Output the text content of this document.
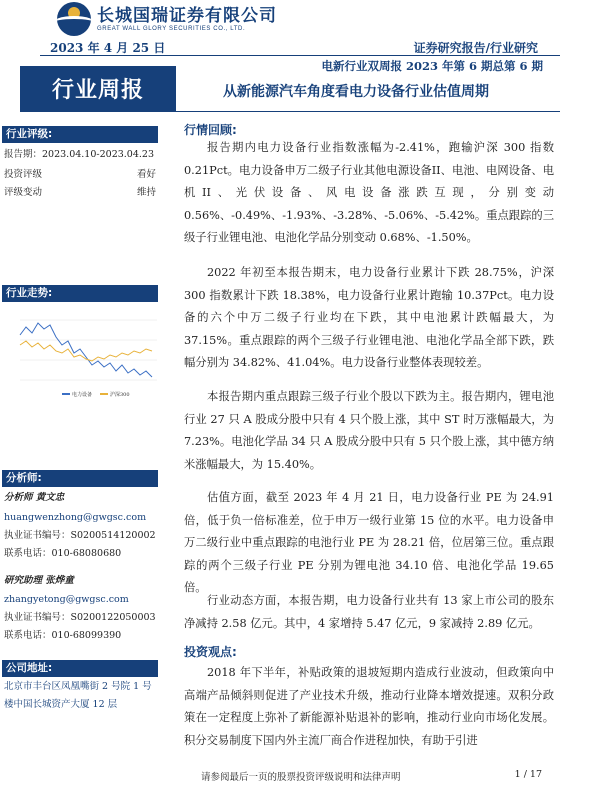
长城国瑞证券有限公司
GREAT WALL GLORY SECURITIES CO., LTD.
2023 年 4 月 25 日	证券研究报告/行业研究
电新行业双周报 2023 年第 6 期总第 6 期
行业周报	从新能源汽车角度看电力设备行业估值周期
行业评级:
报告期：2023.04.10-2023.04.23
投资评级	看好
评级变动	维持
行业走势:
电力设备	沪深300
分析师:
分析师 黄文忠
huangwenzhong@gwgsc.com
执业证书编号：S0200514120002
联系电话：010-68080680
研究助理 张烨童
zhangyetong@gwgsc.com
执业证书编号：S0200122050003
联系电话：010-68099390
公司地址:
北京市丰台区凤凰嘴街 2 号院 1 号楼中国长城资产大厦 12 层
行情回顾:
报告期内电力设备行业指数涨幅为-2.41%，跑输沪深 300 指数 0.21Pct。电力设备申万二级子行业其他电源设备II、电池、电网设备、电机II、光伏设备、风电设备涨跌互现，分别变动 0.56%、-0.49%、-1.93%、-3.28%、-5.06%、-5.42%。重点跟踪的三级子行业锂电池、电池化学品分别变动 0.68%、-1.50%。
2022 年初至本报告期末，电力设备行业累计下跌 28.75%，沪深 300 指数累计下跌 18.38%，电力设备行业累计跑输 10.37Pct。电力设备的六个中万二级子行业均在下跌，其中电池累计跌幅最大，为 37.15%。重点跟踪的两个三级子行业锂电池、电池化学品全部下跌，跌幅分别为 34.82%、41.04%。电力设备行业整体表现较差。
本报告期内重点跟踪三级子行业个股以下跌为主。报告期内，锂电池行业 27 只 A 股成分股中只有 4 只个股上涨，其中 ST 时万涨幅最大，为 7.23%。电池化学品 34 只 A 股成分股中只有 5 只个股上涨，其中德方纳米涨幅最大，为 15.40%。
估值方面，截至 2023 年 4 月 21 日，电力设备行业 PE 为 24.91 倍，低于负一倍标准差，位于申万一级行业第 15 位的水平。电力设备申万二级行业中重点跟踪的电池行业 PE 为 28.21 倍，位居第三位。重点跟踪的两个三级子行业 PE 分别为锂电池 34.10 倍、电池化学品 19.65 倍。
行业动态方面，本报告期，电力设备行业共有 13 家上市公司的股东净减持 2.58 亿元。其中，4 家增持 5.47 亿元，9 家减持 2.89 亿元。
投资观点:
2018 年下半年，补贴政策的退坡短期内造成行业波动，但政策向中高端产品倾斜则促进了产业技术升级，推动行业降本增效提速。双积分政策在一定程度上弥补了新能源补贴退补的影响，推动行业向市场化发展。积分交易制度下国内外主流厂商合作进程加快，有助于引进
请参阅最后一页的股票投资评级说明和法律声明	1 / 17
